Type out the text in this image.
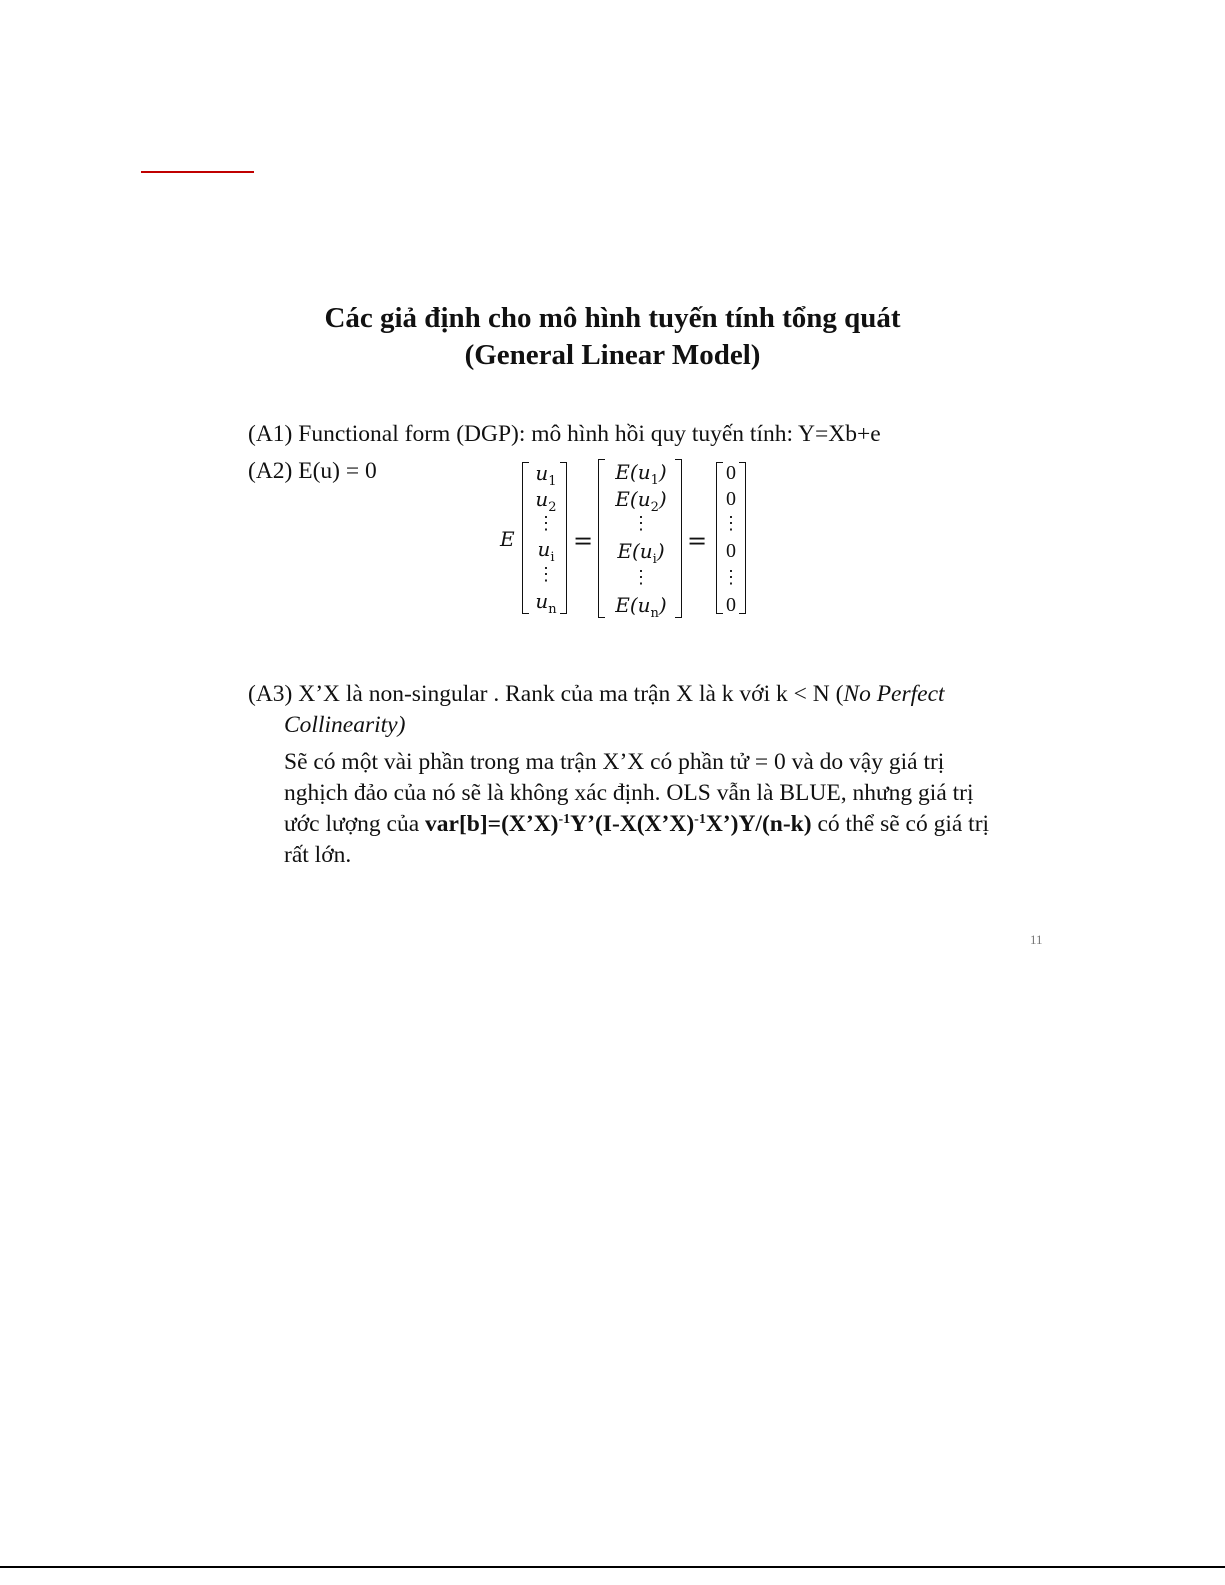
Các giả định cho mô hình tuyến tính tổng quát
(General Linear Model)
(A1) Functional form (DGP): mô hình hồi quy tuyến tính: Y=Xb+e
(A2) E(u) = 0
E
$u_1$
$u_2$
⋮
$u_i$
⋮
$u_n$
=
$E(u_1)$
$E(u_2)$
⋮
$E(u_i)$
⋮
$E(u_n)$
=
0
0
⋮
0
⋮
0
(A3) X’X là non-singular . Rank của ma trận X là k với k < N (No Perfect
Collinearity)
Sẽ có một vài phần trong ma trận X’X có phần tử = 0 và do vậy giá trị
nghịch đảo của nó sẽ là không xác định. OLS vẫn là BLUE, nhưng giá trị
ước lượng của var[b]=(X’X)$^{-1}$Y’(I-X(X’X)$^{-1}$X’)Y/(n-k) có thể sẽ có giá trị
rất lớn.
11
